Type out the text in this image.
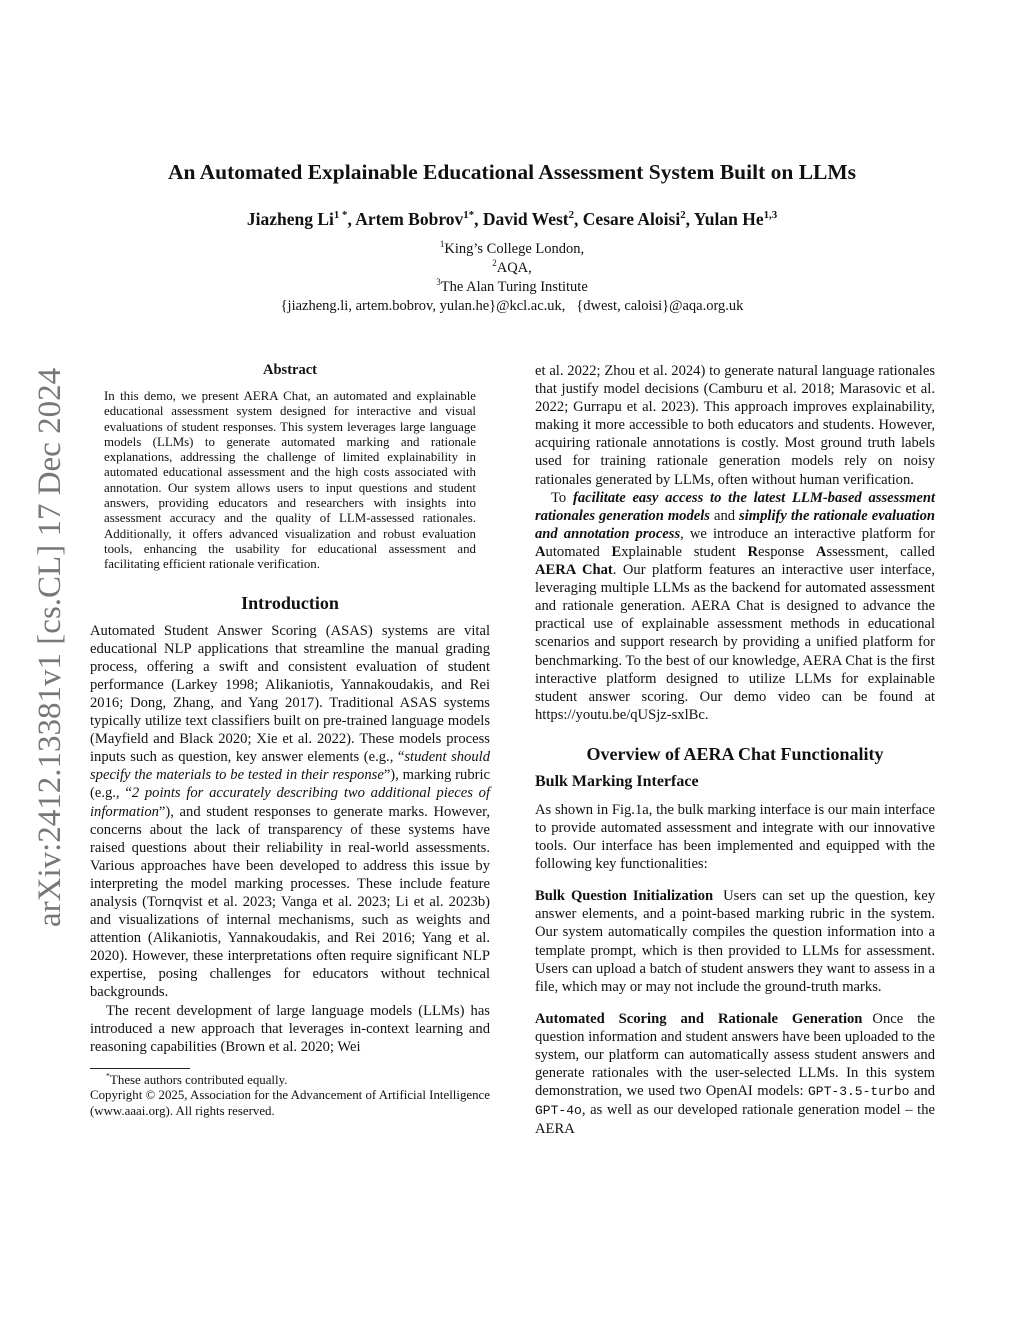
arXiv:2412.13381v1 [cs.CL] 17 Dec 2024
An Automated Explainable Educational Assessment System Built on LLMs
Jiazheng $Li^{1 *}$, Artem Bobrov$^{1*}$, David West$^2$, Cesare Aloisi$^2$, Yulan He$^{1,3}$
$^1$King’s College London,
$^2$AQA,
$^3$The Alan Turing Institute
{jiazheng.li, artem.bobrov, yulan.he}@kcl.ac.uk,   {dwest, caloisi}@aqa.org.uk
Abstract

In this demo, we present AERA Chat, an automated and explainable educational assessment system designed for interactive and visual evaluations of student responses. This system leverages large language models (LLMs) to generate automated marking and rationale explanations, addressing the challenge of limited explainability in automated educational assessment and the high costs associated with annotation. Our system allows users to input questions and student answers, providing educators and researchers with insights into assessment accuracy and the quality of LLM-assessed rationales. Additionally, it offers advanced visualization and robust evaluation tools, enhancing the usability for educational assessment and facilitating efficient rationale verification.

Introduction

Automated Student Answer Scoring (ASAS) systems are vital educational NLP applications that streamline the manual grading process, offering a swift and consistent evaluation of student performance (Larkey 1998; Alikaniotis, Yannakoudakis, and Rei 2016; Dong, Zhang, and Yang 2017). Traditional ASAS systems typically utilize text classifiers built on pre-trained language models (Mayfield and Black 2020; Xie et al. 2022). These models process inputs such as question, key answer elements (e.g., “student should specify the materials to be tested in their response”), marking rubric (e.g., “2 points for accurately describing two additional pieces of information”), and student responses to generate marks. However, concerns about the lack of transparency of these systems have raised questions about their reliability in real-world assessments. Various approaches have been developed to address this issue by interpreting the model marking processes. These include feature analysis (Tornqvist et al. 2023; Vanga et al. 2023; Li et al. 2023b) and visualizations of internal mechanisms, such as weights and attention (Alikaniotis, Yannakoudakis, and Rei 2016; Yang et al. 2020). However, these interpretations often require significant NLP expertise, posing challenges for educators without technical backgrounds.

The recent development of large language models (LLMs) has introduced a new approach that leverages in-context learning and reasoning capabilities (Brown et al. 2020; Wei

*These authors contributed equally.

Copyright © 2025, Association for the Advancement of Artificial Intelligence (www.aaai.org). All rights reserved.

et al. 2022; Zhou et al. 2024) to generate natural language rationales that justify model decisions (Camburu et al. 2018; Marasovic et al. 2022; Gurrapu et al. 2023). This approach improves explainability, making it more accessible to both educators and students. However, acquiring rationale annotations is costly. Most ground truth labels used for training rationale generation models rely on noisy rationales generated by LLMs, often without human verification.

To facilitate easy access to the latest LLM-based assessment rationales generation models and simplify the rationale evaluation and annotation process, we introduce an interactive platform for Automated Explainable student Response Assessment, called AERA Chat. Our platform features an interactive user interface, leveraging multiple LLMs as the backend for automated assessment and rationale generation. AERA Chat is designed to advance the practical use of explainable assessment methods in educational scenarios and support research by providing a unified platform for benchmarking. To the best of our knowledge, AERA Chat is the first interactive platform designed to utilize LLMs for explainable student answer scoring. Our demo video can be found at https://youtu.be/qUSjz-sxlBc.

Overview of AERA Chat Functionality
Bulk Marking Interface

As shown in Fig.1a, the bulk marking interface is our main interface to provide automated assessment and integrate with our innovative tools. Our interface has been implemented and equipped with the following key functionalities:

Bulk Question Initialization Users can set up the question, key answer elements, and a point-based marking rubric in the system. Our system automatically compiles the question information into a template prompt, which is then provided to LLMs for assessment. Users can upload a batch of student answers they want to assess in a file, which may or may not include the ground-truth marks.

Automated Scoring and Rationale Generation Once the question information and student answers have been uploaded to the system, our platform can automatically assess student answers and generate rationales with the user-selected LLMs. In this system demonstration, we used two OpenAI models: GPT-3.5-turbo and GPT-4o, as well as our developed rationale generation model – the AERA
